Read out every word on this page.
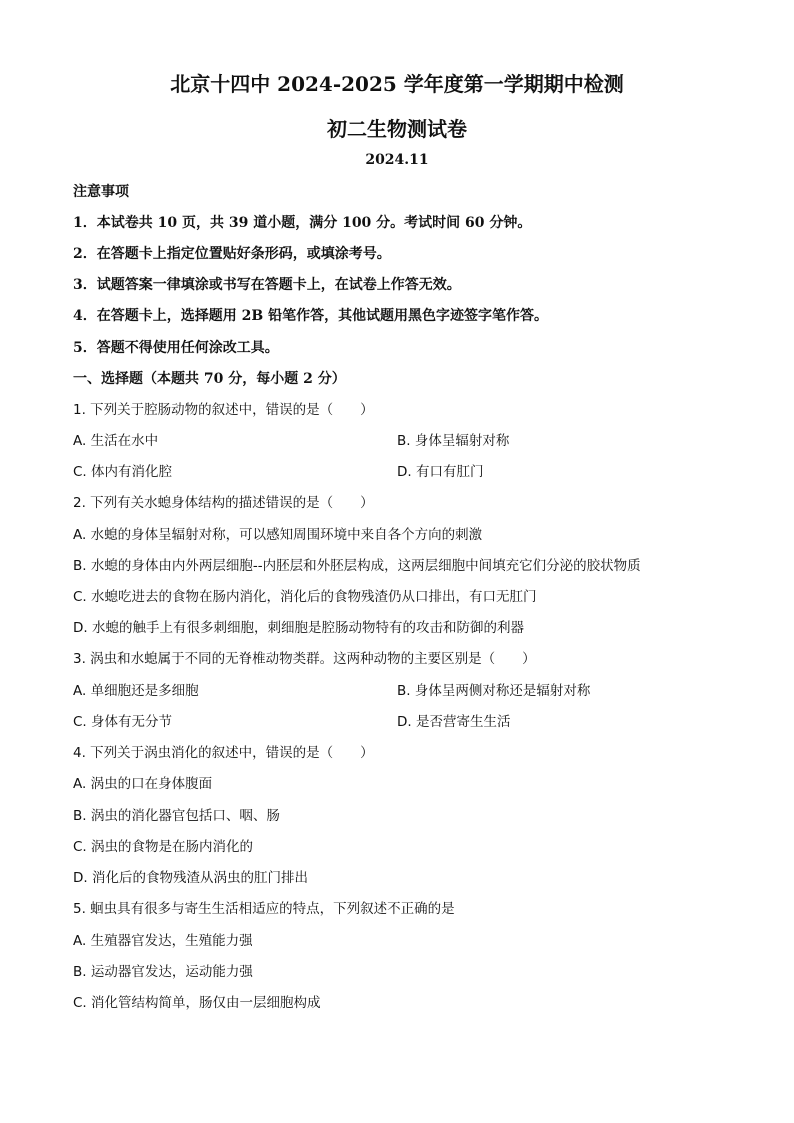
北京十四中 2024-2025 学年度第一学期期中检测
初二生物测试卷
2024.11
注意事项
1．本试卷共 10 页，共 39 道小题，满分 100 分。考试时间 60 分钟。
2．在答题卡上指定位置贴好条形码，或填涂考号。
3．试题答案一律填涂或书写在答题卡上，在试卷上作答无效。
4．在答题卡上，选择题用 2B 铅笔作答，其他试题用黑色字迹签字笔作答。
5．答题不得使用任何涂改工具。
一、选择题（本题共 70 分，每小题 2 分）
1. 下列关于腔肠动物的叙述中，错误的是（　　）
A. 生活在水中	B. 身体呈辐射对称
C. 体内有消化腔	D. 有口有肛门
2. 下列有关水螅身体结构的描述错误的是（　　）
A. 水螅的身体呈辐射对称，可以感知周围环境中来自各个方向的刺激
B. 水螅的身体由内外两层细胞--内胚层和外胚层构成，这两层细胞中间填充它们分泌的胶状物质
C. 水螅吃进去的食物在肠内消化，消化后的食物残渣仍从口排出，有口无肛门
D. 水螅的触手上有很多刺细胞，刺细胞是腔肠动物特有的攻击和防御的利器
3. 涡虫和水螅属于不同的无脊椎动物类群。这两种动物的主要区别是（　　）
A. 单细胞还是多细胞	B. 身体呈两侧对称还是辐射对称
C. 身体有无分节	D. 是否营寄生生活
4. 下列关于涡虫消化的叙述中，错误的是（　　）
A. 涡虫的口在身体腹面
B. 涡虫的消化器官包括口、咽、肠
C. 涡虫的食物是在肠内消化的
D. 消化后的食物残渣从涡虫的肛门排出
5. 蛔虫具有很多与寄生生活相适应的特点，下列叙述不正确的是
A. 生殖器官发达，生殖能力强
B. 运动器官发达，运动能力强
C. 消化管结构简单，肠仅由一层细胞构成
